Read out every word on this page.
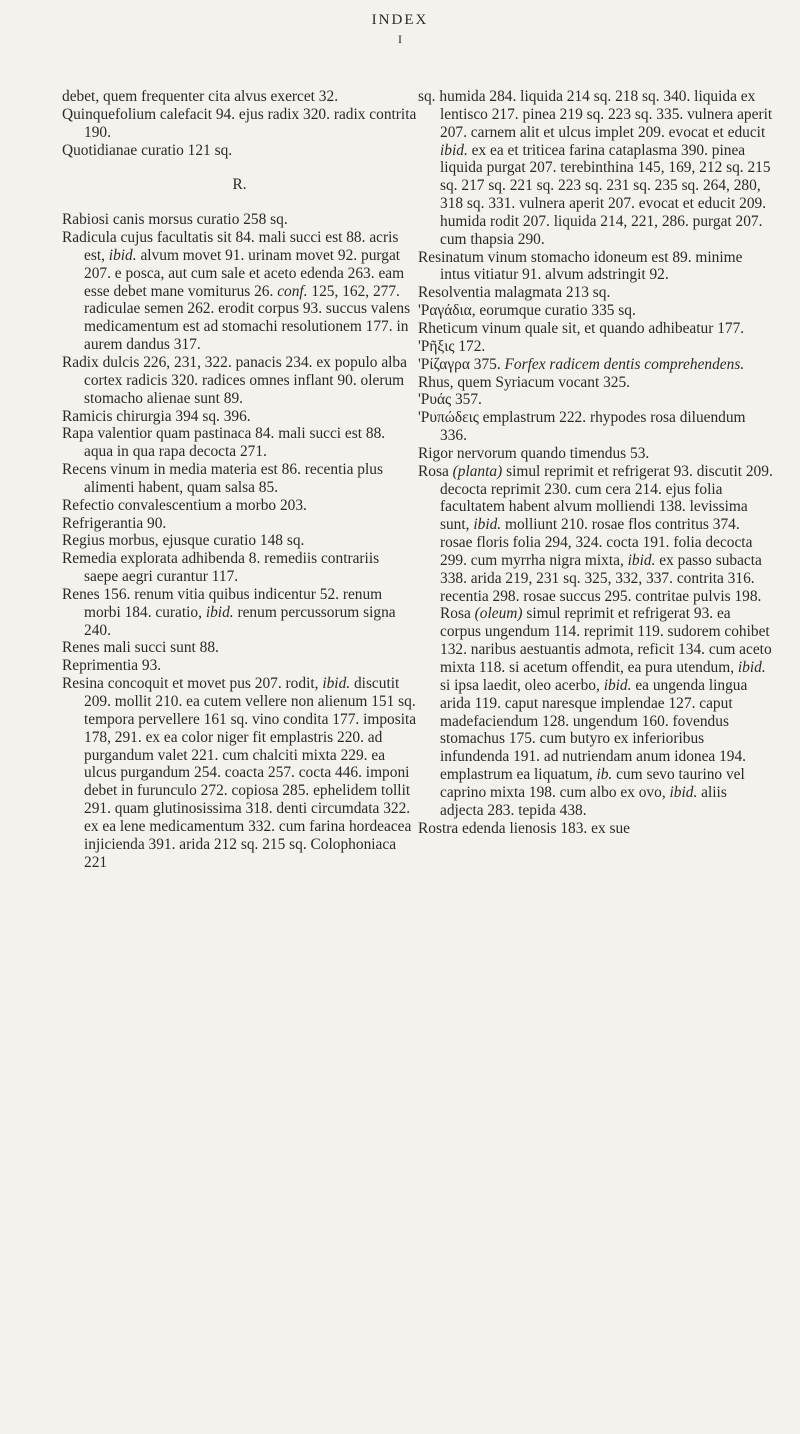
INDEX
I

debet, quem frequenter cita alvus exercet 32.

Quinquefolium calefacit 94. ejus radix 320. radix contrita 190.

Quotidianae curatio 121 sq.

R.

Rabiosi canis morsus curatio 258 sq.

Radicula cujus facultatis sit 84. mali succi est 88. acris est, ibid. alvum movet 91. urinam movet 92. purgat 207. e posca, aut cum sale et aceto edenda 263. eam esse debet mane vomiturus 26. conf. 125, 162, 277. radiculae semen 262. erodit corpus 93. succus valens medicamentum est ad stomachi resolutionem 177. in aurem dandus 317.

Radix dulcis 226, 231, 322. panacis 234. ex populo alba cortex radicis 320. radices omnes inflant 90. olerum stomacho alienae sunt 89.

Ramicis chirurgia 394 sq. 396.

Rapa valentior quam pastinaca 84. mali succi est 88. aqua in qua rapa decocta 271.

Recens vinum in media materia est 86. recentia plus alimenti habent, quam salsa 85.

Refectio convalescentium a morbo 203.

Refrigerantia 90.

Regius morbus, ejusque curatio 148 sq.

Remedia explorata adhibenda 8. remediis contrariis saepe aegri curantur 117.

Renes 156. renum vitia quibus indicentur 52. renum morbi 184. curatio, ibid. renum percussorum signa 240.

Renes mali succi sunt 88.

Reprimentia 93.

Resina concoquit et movet pus 207. rodit, ibid. discutit 209. mollit 210. ea cutem vellere non alienum 151 sq. tempora pervellere 161 sq. vino condita 177. imposita 178, 291. ex ea color niger fit emplastris 220. ad purgandum valet 221. cum chalciti mixta 229. ea ulcus purgandum 254. coacta 257. cocta 446. imponi debet in furunculo 272. copiosa 285. ephelidem tollit 291. quam glutinosissima 318. denti circumdata 322. ex ea lene medicamentum 332. cum farina hordeacea injicienda 391. arida 212 sq. 215 sq. Colophoniaca 221

sq. humida 284. liquida 214 sq. 218 sq. 340. liquida ex lentisco 217. pinea 219 sq. 223 sq. 335. vulnera aperit 207. carnem alit et ulcus implet 209. evocat et educit ibid. ex ea et triticea farina cataplasma 390. pinea liquida purgat 207. terebinthina 145, 169, 212 sq. 215 sq. 217 sq. 221 sq. 223 sq. 231 sq. 235 sq. 264, 280, 318 sq. 331. vulnera aperit 207. evocat et educit 209. humida rodit 207. liquida 214, 221, 286. purgat 207. cum thapsia 290.

Resinatum vinum stomacho idoneum est 89. minime intus vitiatur 91. alvum adstringit 92.

Resolventia malagmata 213 sq.

'Ραγάδια, eorumque curatio 335 sq.

Rheticum vinum quale sit, et quando adhibeatur 177.

'Ρῆξις 172.

'Ρίζαγρα 375. Forfex radicem dentis comprehendens.

Rhus, quem Syriacum vocant 325.

'Ρυάς 357.

'Ρυπώδεις emplastrum 222. rhypodes rosa diluendum 336.

Rigor nervorum quando timendus 53.

Rosa (planta) simul reprimit et refrigerat 93. discutit 209. decocta reprimit 230. cum cera 214. ejus folia facultatem habent alvum molliendi 138. levissima sunt, ibid. molliunt 210. rosae flos contritus 374. rosae floris folia 294, 324. cocta 191. folia decocta 299. cum myrrha nigra mixta, ibid. ex passo subacta 338. arida 219, 231 sq. 325, 332, 337. contrita 316. recentia 298. rosae succus 295. contritae pulvis 198. Rosa (oleum) simul reprimit et refrigerat 93. ea corpus ungendum 114. reprimit 119. sudorem cohibet 132. naribus aestuantis admota, reficit 134. cum aceto mixta 118. si acetum offendit, ea pura utendum, ibid. si ipsa laedit, oleo acerbo, ibid. ea ungenda lingua arida 119. caput naresque implendae 127. caput madefaciendum 128. ungendum 160. fovendus stomachus 175. cum butyro ex inferioribus infundenda 191. ad nutriendam anum idonea 194. emplastrum ea liquatum, ib. cum sevo taurino vel caprino mixta 198. cum albo ex ovo, ibid. aliis adjecta 283. tepida 438.

Rostra edenda lienosis 183. ex sue
